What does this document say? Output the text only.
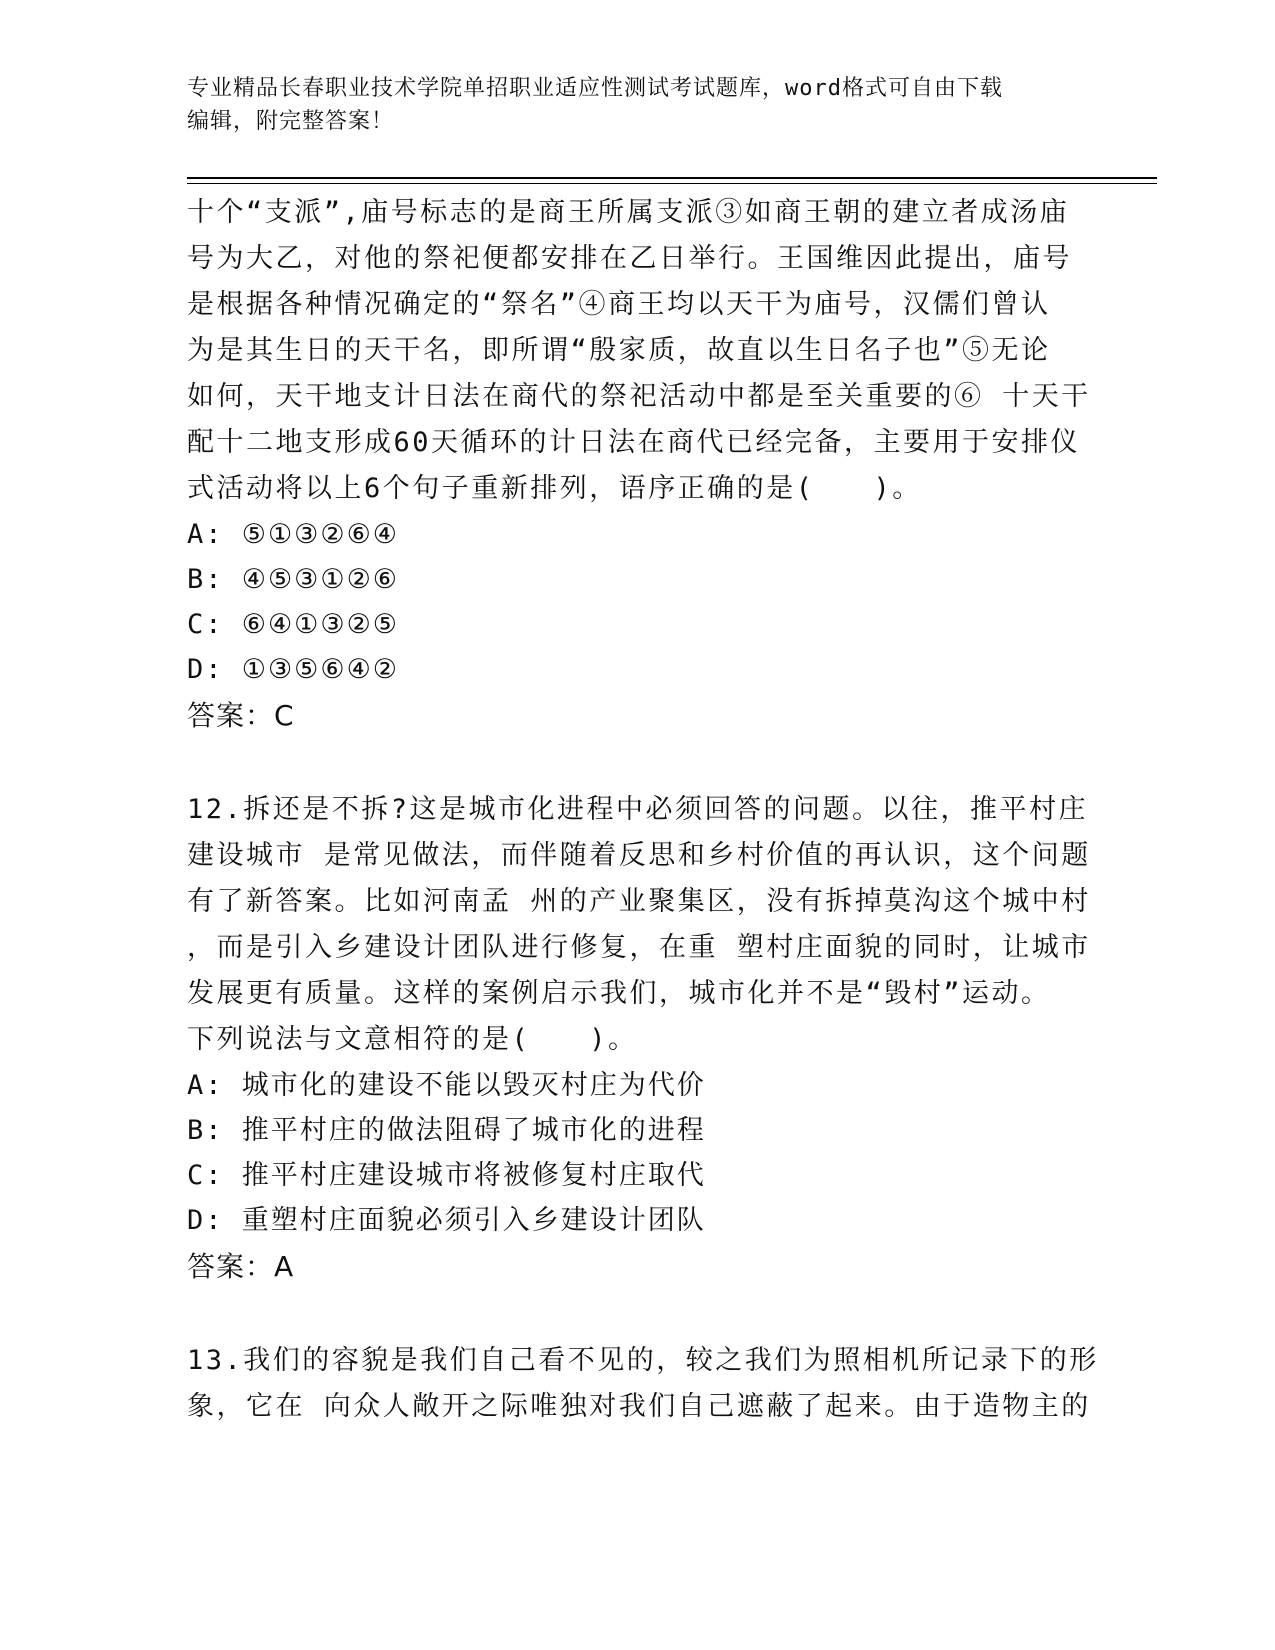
专业精品长春职业技术学院单招职业适应性测试考试题库，word格式可自由下载
编辑，附完整答案！

十个“支派”,庙号标志的是商王所属支派③如商王朝的建立者成汤庙
号为大乙，对他的祭祀便都安排在乙日举行。王国维因此提出，庙号
是根据各种情况确定的“祭名”④商王均以天干为庙号，汉儒们曾认
为是其生日的天干名，即所谓“殷家质，故直以生日名子也”⑤无论
如何，天干地支计日法在商代的祭祀活动中都是至关重要的⑥ 十天干
配十二地支形成60天循环的计日法在商代已经完备，主要用于安排仪
式活动将以上6个句子重新排列，语序正确的是(　　)。

A: ⑤①③②⑥④
B: ④⑤③①②⑥
C: ⑥④①③②⑤
D: ①③⑤⑥④②
答案：C

12.拆还是不拆?这是城市化进程中必须回答的问题。以往，推平村庄
建设城市 是常见做法，而伴随着反思和乡村价值的再认识，这个问题
有了新答案。比如河南孟 州的产业聚集区，没有拆掉莫沟这个城中村
，而是引入乡建设计团队进行修复，在重 塑村庄面貌的同时，让城市
发展更有质量。这样的案例启示我们，城市化并不是“毁村”运动。
下列说法与文意相符的是(　　)。

A: 城市化的建设不能以毁灭村庄为代价
B: 推平村庄的做法阻碍了城市化的进程
C: 推平村庄建设城市将被修复村庄取代
D: 重塑村庄面貌必须引入乡建设计团队
答案：A

13.我们的容貌是我们自己看不见的，较之我们为照相机所记录下的形
象，它在 向众人敞开之际唯独对我们自己遮蔽了起来。由于造物主的
